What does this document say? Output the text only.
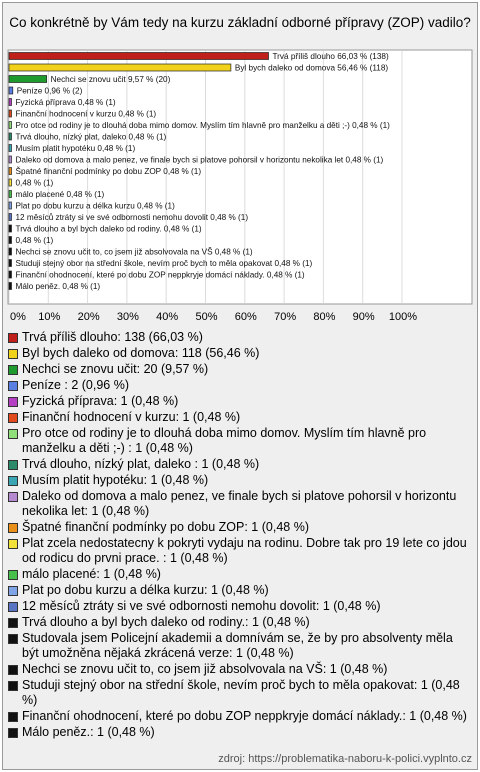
Co konkrétně by Vám tedy na kurzu základní odborné přípravy (ZOP) vadilo?
Trvá příliš dlouho 66,03 % (138)
Byl bych daleko od domova 56,46 % (118)
Nechci se znovu učit 9,57 % (20)
Peníze 0,96 % (2)
Fyzická příprava 0,48 % (1)
Finanční hodnocení v kurzu 0,48 % (1)
Pro otce od rodiny je to dlouhá doba mimo domov. Myslím tím hlavně pro manželku a děti ;-) 0,48 % (1)
Trvá dlouho, nízký plat, daleko 0,48 % (1)
Musím platit hypotéku 0,48 % (1)
Daleko od domova a malo penez, ve finale bych si platove pohorsil v horizontu nekolika let 0,48 % (1)
Špatné finanční podmínky po dobu ZOP 0,48 % (1)
0,48 % (1)
málo placené 0,48 % (1)
Plat po dobu kurzu a délka kurzu 0,48 % (1)
12 měsíců ztráty si ve své odbornosti nemohu dovolit 0,48 % (1)
Trvá dlouho a byl bych daleko od rodiny. 0,48 % (1)
0,48 % (1)
Nechci se znovu učit to, co jsem již absolvovala na VŠ 0,48 % (1)
Studuji stejný obor na střední škole, nevím proč bych to měla opakovat 0,48 % (1)
Finanční ohodnocení, které po dobu ZOP neppkryje domácí náklady. 0,48 % (1)
Málo peněz. 0,48 % (1)
0% 10% 20% 30% 40% 50% 60% 70% 80% 90% 100%
Trvá příliš dlouho: 138 (66,03 %)
Byl bych daleko od domova: 118 (56,46 %)
Nechci se znovu učit: 20 (9,57 %)
Peníze : 2 (0,96 %)
Fyzická příprava: 1 (0,48 %)
Finanční hodnocení v kurzu: 1 (0,48 %)
Pro otce od rodiny je to dlouhá doba mimo domov. Myslím tím hlavně pro manželku a děti ;-) : 1 (0,48 %)
Trvá dlouho, nízký plat, daleko : 1 (0,48 %)
Musím platit hypotéku: 1 (0,48 %)
Daleko od domova a malo penez, ve finale bych si platove pohorsil v horizontu nekolika let: 1 (0,48 %)
Špatné finanční podmínky po dobu ZOP: 1 (0,48 %)
Plat zcela nedostatecny k pokryti vydaju na rodinu. Dobre tak pro 19 lete co jdou od rodicu do prvni prace. : 1 (0,48 %)
málo placené: 1 (0,48 %)
Plat po dobu kurzu a délka kurzu: 1 (0,48 %)
12 měsíců ztráty si ve své odbornosti nemohu dovolit: 1 (0,48 %)
Trvá dlouho a byl bych daleko od rodiny.: 1 (0,48 %)
Studovala jsem Policejní akademii a domnívám se, že by pro absolventy měla být umožněna nějaká zkrácená verze: 1 (0,48 %)
Nechci se znovu učit to, co jsem již absolvovala na VŠ: 1 (0,48 %)
Studuji stejný obor na střední škole, nevím proč bych to měla opakovat: 1 (0,48 %)
Finanční ohodnocení, které po dobu ZOP neppkryje domácí náklady.: 1 (0,48 %)
Málo peněz.: 1 (0,48 %)
zdroj: https://problematika-naboru-k-polici.vyplnto.cz
